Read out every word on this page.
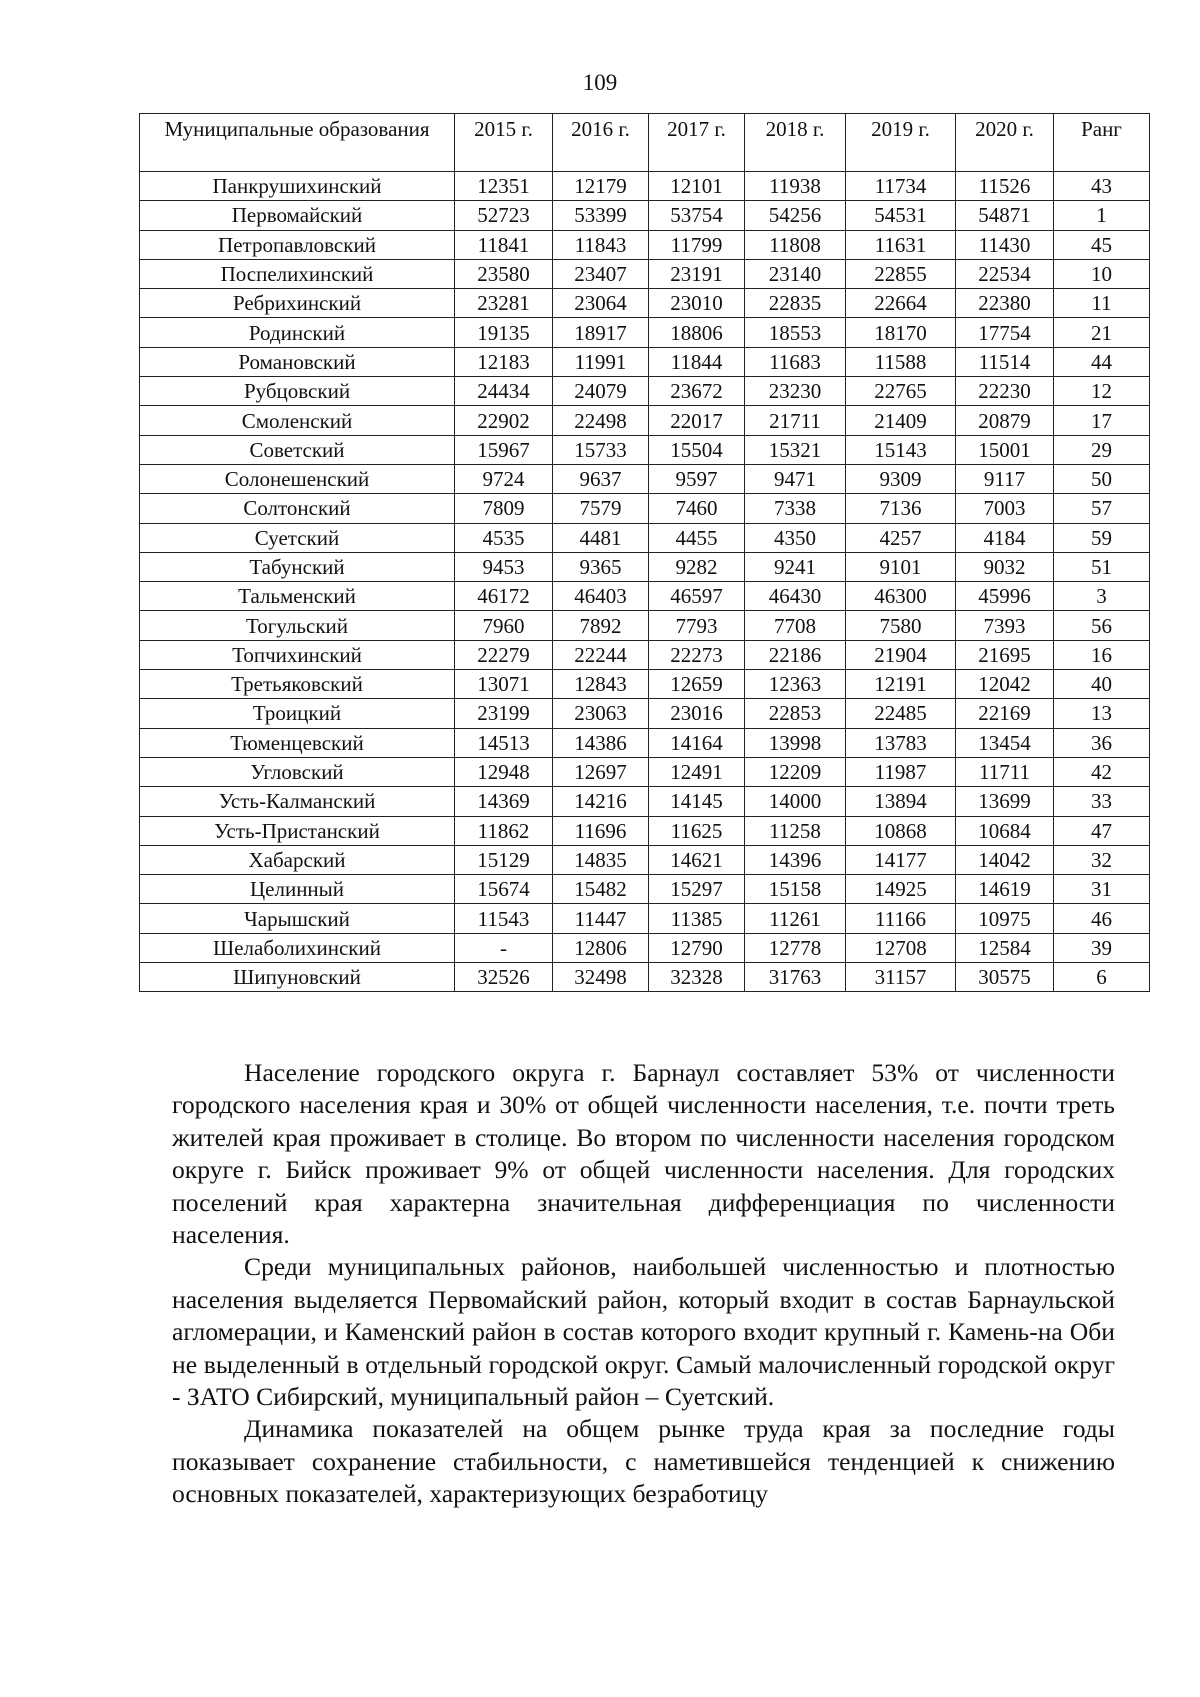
109
Муниципальные образования	2015 г.	2016 г.	2017 г.	2018 г.	2019 г.	2020 г.	Ранг
Панкрушихинский	12351	12179	12101	11938	11734	11526	43
Первомайский	52723	53399	53754	54256	54531	54871	1
Петропавловский	11841	11843	11799	11808	11631	11430	45
Поспелихинский	23580	23407	23191	23140	22855	22534	10
Ребрихинский	23281	23064	23010	22835	22664	22380	11
Родинский	19135	18917	18806	18553	18170	17754	21
Романовский	12183	11991	11844	11683	11588	11514	44
Рубцовский	24434	24079	23672	23230	22765	22230	12
Смоленский	22902	22498	22017	21711	21409	20879	17
Советский	15967	15733	15504	15321	15143	15001	29
Солонешенский	9724	9637	9597	9471	9309	9117	50
Солтонский	7809	7579	7460	7338	7136	7003	57
Суетский	4535	4481	4455	4350	4257	4184	59
Табунский	9453	9365	9282	9241	9101	9032	51
Тальменский	46172	46403	46597	46430	46300	45996	3
Тогульский	7960	7892	7793	7708	7580	7393	56
Топчихинский	22279	22244	22273	22186	21904	21695	16
Третьяковский	13071	12843	12659	12363	12191	12042	40
Троицкий	23199	23063	23016	22853	22485	22169	13
Тюменцевский	14513	14386	14164	13998	13783	13454	36
Угловский	12948	12697	12491	12209	11987	11711	42
Усть-Калманский	14369	14216	14145	14000	13894	13699	33
Усть-Пристанский	11862	11696	11625	11258	10868	10684	47
Хабарский	15129	14835	14621	14396	14177	14042	32
Целинный	15674	15482	15297	15158	14925	14619	31
Чарышский	11543	11447	11385	11261	11166	10975	46
Шелаболихинский	-	12806	12790	12778	12708	12584	39
Шипуновский	32526	32498	32328	31763	31157	30575	6

Население городского округа г. Барнаул составляет 53% от численности городского населения края и 30% от общей численности населения, т.е. почти треть жителей края проживает в столице. Во втором по численности населения городском округе г. Бийск проживает 9% от общей численности населения. Для городских поселений края характерна значительная дифференциация по численности населения.

Среди муниципальных районов, наибольшей численностью и плотностью населения выделяется Первомайский район, который входит в состав Барнаульской агломерации, и Каменский район в состав которого входит крупный г. Камень-на Оби не выделенный в отдельный городской округ. Самый малочисленный городской округ - ЗАТО Сибирский, муниципальный район – Суетский.

Динамика показателей на общем рынке труда края за последние годы показывает сохранение стабильности, с наметившейся тенденцией к снижению основных показателей, характеризующих безработицу
